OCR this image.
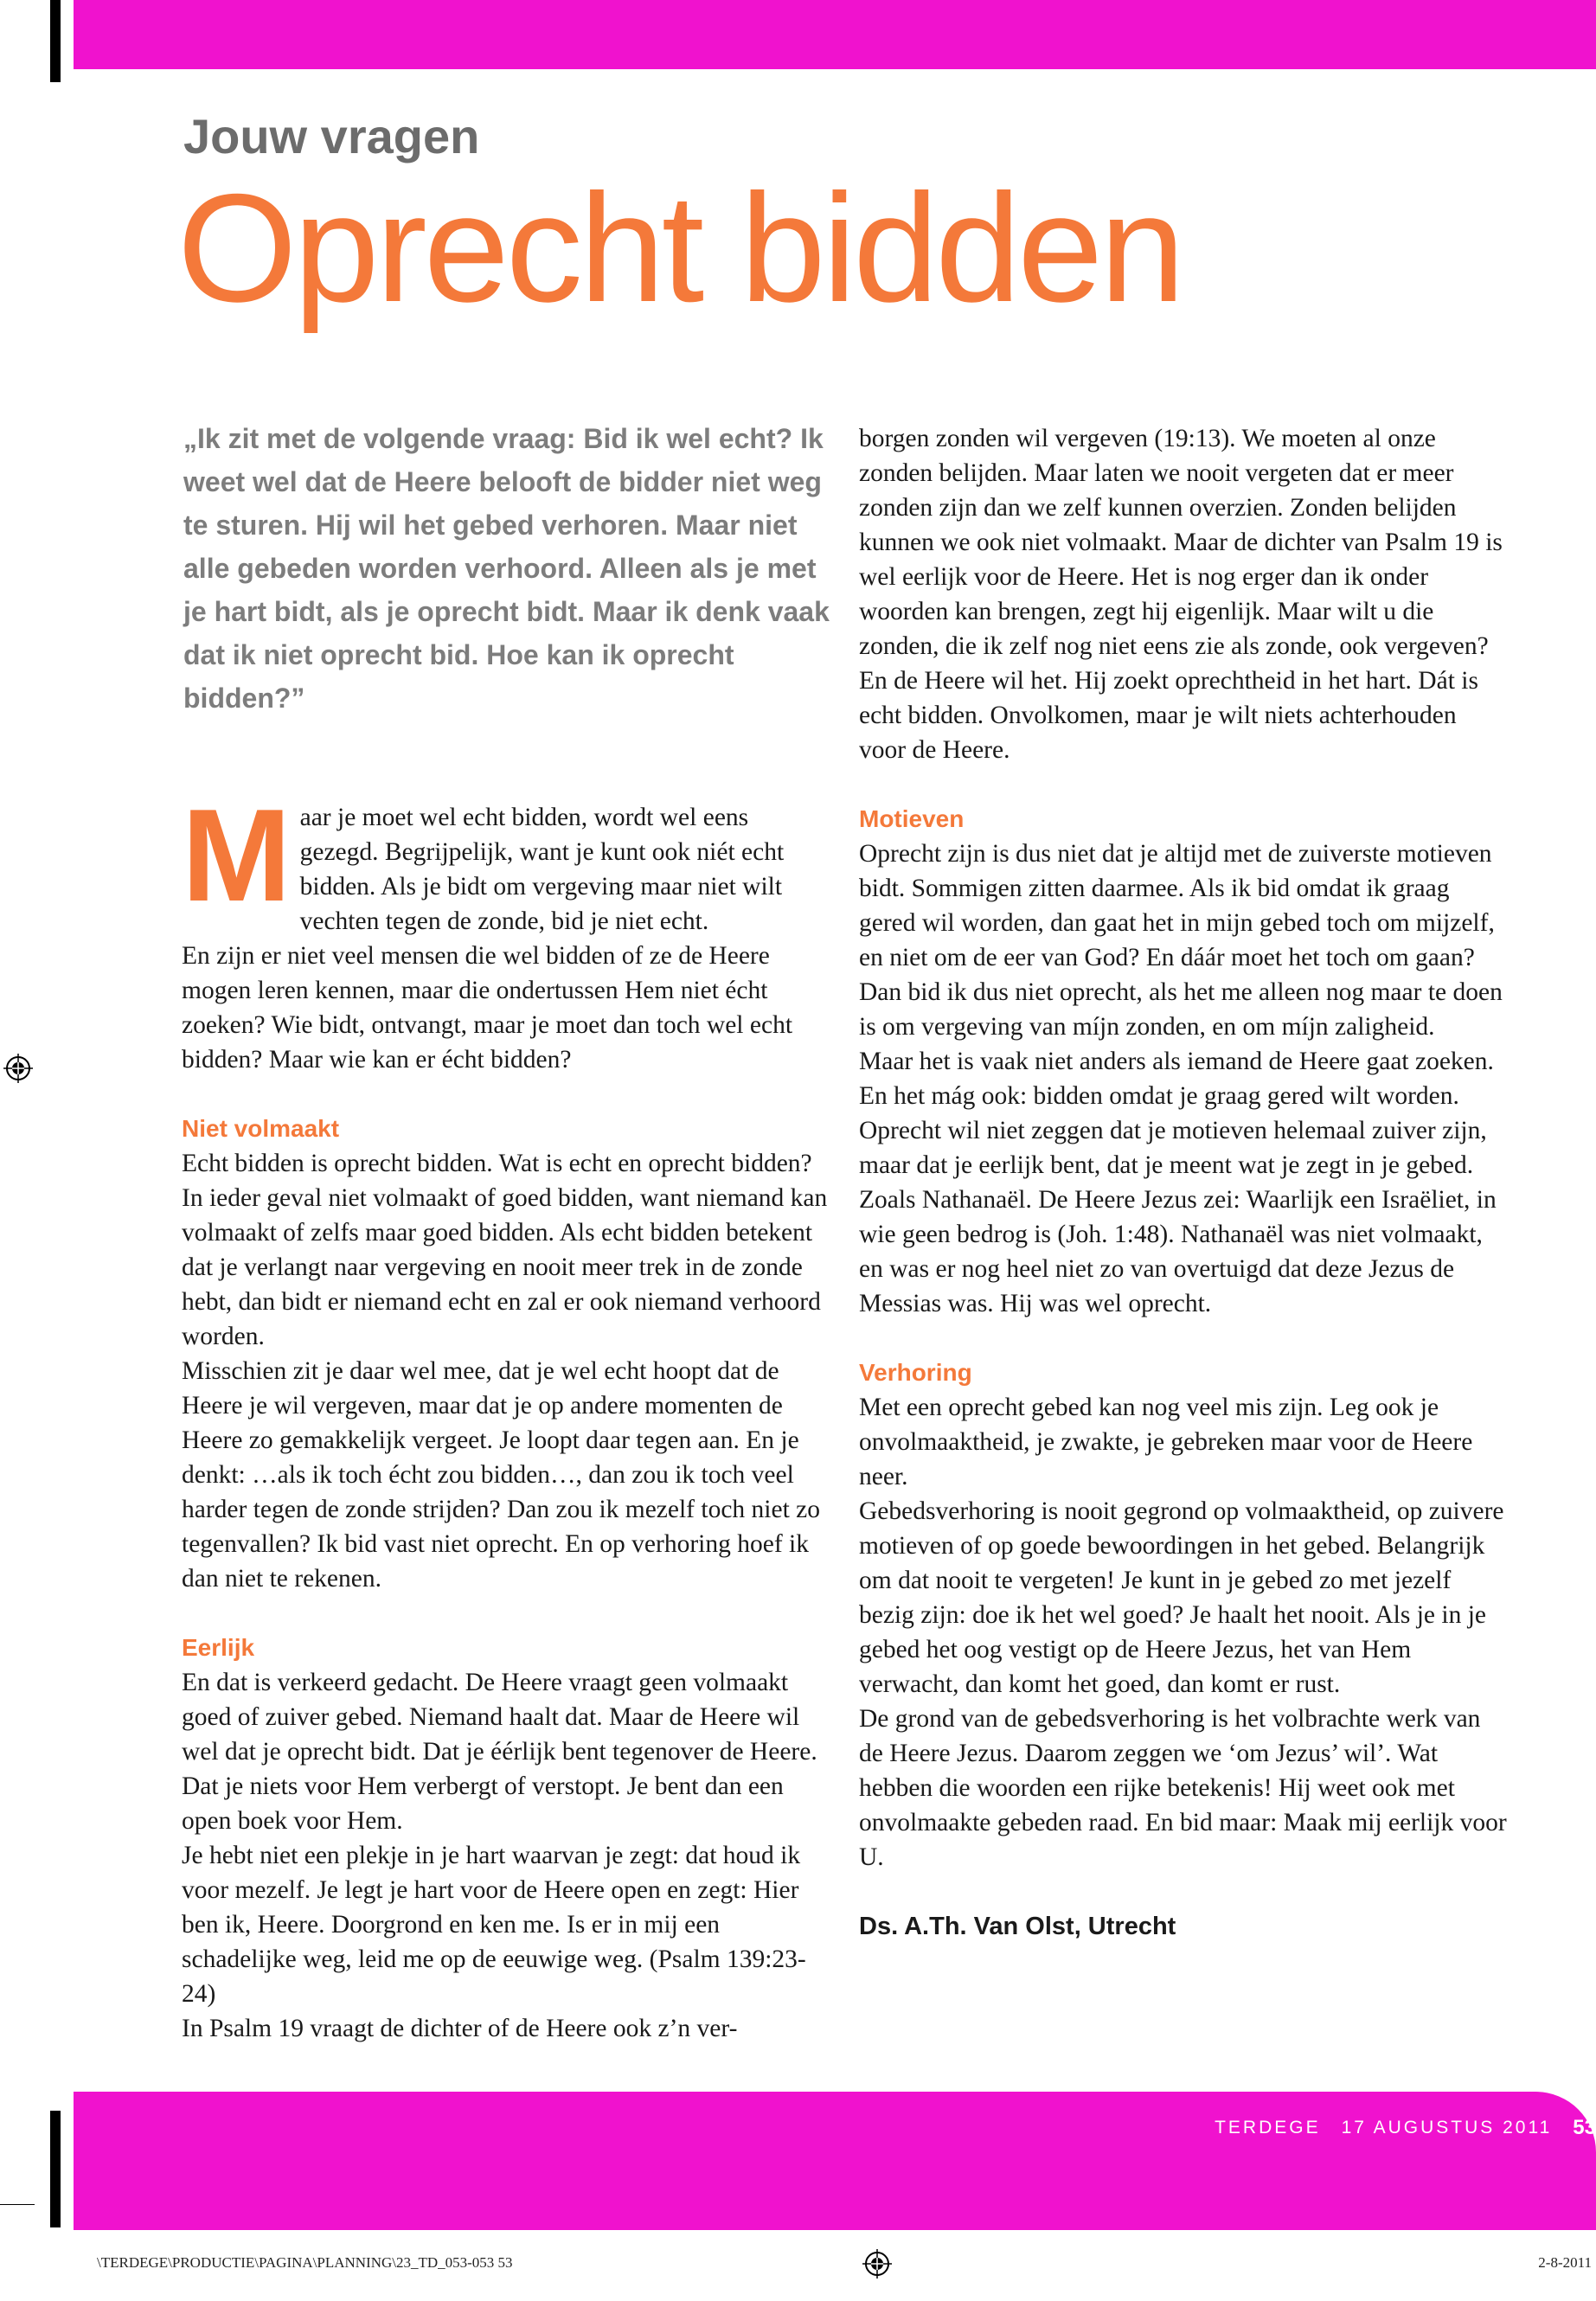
Jouw vragen
Oprecht bidden
„Ik zit met de volgende vraag: Bid ik wel echt? Ik weet wel dat de Heere belooft de bidder niet weg te sturen. Hij wil het gebed verhoren. Maar niet alle gebeden worden verhoord. Alleen als je met je hart bidt, als je oprecht bidt. Maar ik denk vaak dat ik niet oprecht bid. Hoe kan ik oprecht bidden?”

Maar je moet wel echt bidden, wordt wel eens gezegd. Begrijpelijk, want je kunt ook niét echt bidden. Als je bidt om vergeving maar niet wilt vechten tegen de zonde, bid je niet echt.

En zijn er niet veel mensen die wel bidden of ze de Heere mogen leren kennen, maar die ondertussen Hem niet écht zoeken? Wie bidt, ontvangt, maar je moet dan toch wel echt bidden? Maar wie kan er écht bidden?

Niet volmaakt

Echt bidden is oprecht bidden. Wat is echt en oprecht bidden? In ieder geval niet volmaakt of goed bidden, want niemand kan volmaakt of zelfs maar goed bidden. Als echt bidden betekent dat je verlangt naar vergeving en nooit meer trek in de zonde hebt, dan bidt er niemand echt en zal er ook niemand verhoord worden.

Misschien zit je daar wel mee, dat je wel echt hoopt dat de Heere je wil vergeven, maar dat je op andere momenten de Heere zo gemakkelijk vergeet. Je loopt daar tegen aan. En je denkt: …als ik toch écht zou bidden…, dan zou ik toch veel harder tegen de zonde strijden? Dan zou ik mezelf toch niet zo tegenvallen? Ik bid vast niet oprecht. En op verhoring hoef ik dan niet te rekenen.

Eerlijk

En dat is verkeerd gedacht. De Heere vraagt geen volmaakt goed of zuiver gebed. Niemand haalt dat. Maar de Heere wil wel dat je oprecht bidt. Dat je éérlijk bent tegenover de Heere. Dat je niets voor Hem verbergt of verstopt. Je bent dan een open boek voor Hem.

Je hebt niet een plekje in je hart waarvan je zegt: dat houd ik voor mezelf. Je legt je hart voor de Heere open en zegt: Hier ben ik, Heere. Doorgrond en ken me. Is er in mij een schadelijke weg, leid me op de eeuwige weg. (Psalm 139:23-24)

In Psalm 19 vraagt de dichter of de Heere ook z’n ver-

borgen zonden wil vergeven (19:13). We moeten al onze zonden belijden. Maar laten we nooit vergeten dat er meer zonden zijn dan we zelf kunnen overzien. Zonden belijden kunnen we ook niet volmaakt. Maar de dichter van Psalm 19 is wel eerlijk voor de Heere. Het is nog erger dan ik onder woorden kan brengen, zegt hij eigenlijk. Maar wilt u die zonden, die ik zelf nog niet eens zie als zonde, ook vergeven? En de Heere wil het. Hij zoekt oprechtheid in het hart. Dát is echt bidden. Onvolkomen, maar je wilt niets achterhouden voor de Heere.

Motieven

Oprecht zijn is dus niet dat je altijd met de zuiverste motieven bidt. Sommigen zitten daarmee. Als ik bid omdat ik graag gered wil worden, dan gaat het in mijn gebed toch om mijzelf, en niet om de eer van God? En dáár moet het toch om gaan? Dan bid ik dus niet oprecht, als het me alleen nog maar te doen is om vergeving van míjn zonden, en om míjn zaligheid.

Maar het is vaak niet anders als iemand de Heere gaat zoeken. En het mág ook: bidden omdat je graag gered wilt worden.

Oprecht wil niet zeggen dat je motieven helemaal zuiver zijn, maar dat je eerlijk bent, dat je meent wat je zegt in je gebed. Zoals Nathanaël. De Heere Jezus zei: Waarlijk een Israëliet, in wie geen bedrog is (Joh. 1:48). Nathanaël was niet volmaakt, en was er nog heel niet zo van overtuigd dat deze Jezus de Messias was. Hij was wel oprecht.

Verhoring

Met een oprecht gebed kan nog veel mis zijn. Leg ook je onvolmaaktheid, je zwakte, je gebreken maar voor de Heere neer.

Gebedsverhoring is nooit gegrond op volmaaktheid, op zuivere motieven of op goede bewoordingen in het gebed. Belangrijk om dat nooit te vergeten! Je kunt in je gebed zo met jezelf bezig zijn: doe ik het wel goed? Je haalt het nooit. Als je in je gebed het oog vestigt op de Heere Jezus, het van Hem verwacht, dan komt het goed, dan komt er rust.

De grond van de gebedsverhoring is het volbrachte werk van de Heere Jezus. Daarom zeggen we ‘om Jezus’ wil’. Wat hebben die woorden een rijke betekenis! Hij weet ook met onvolmaakte gebeden raad. En bid maar: Maak mij eerlijk voor U.

Ds. A.Th. Van Olst, Utrecht
TERDEGE 17 AUGUSTUS 2011 53
\TERDEGE\PRODUCTIE\PAGINA\PLANNING\23_TD_053-053 53	2-8-2011
